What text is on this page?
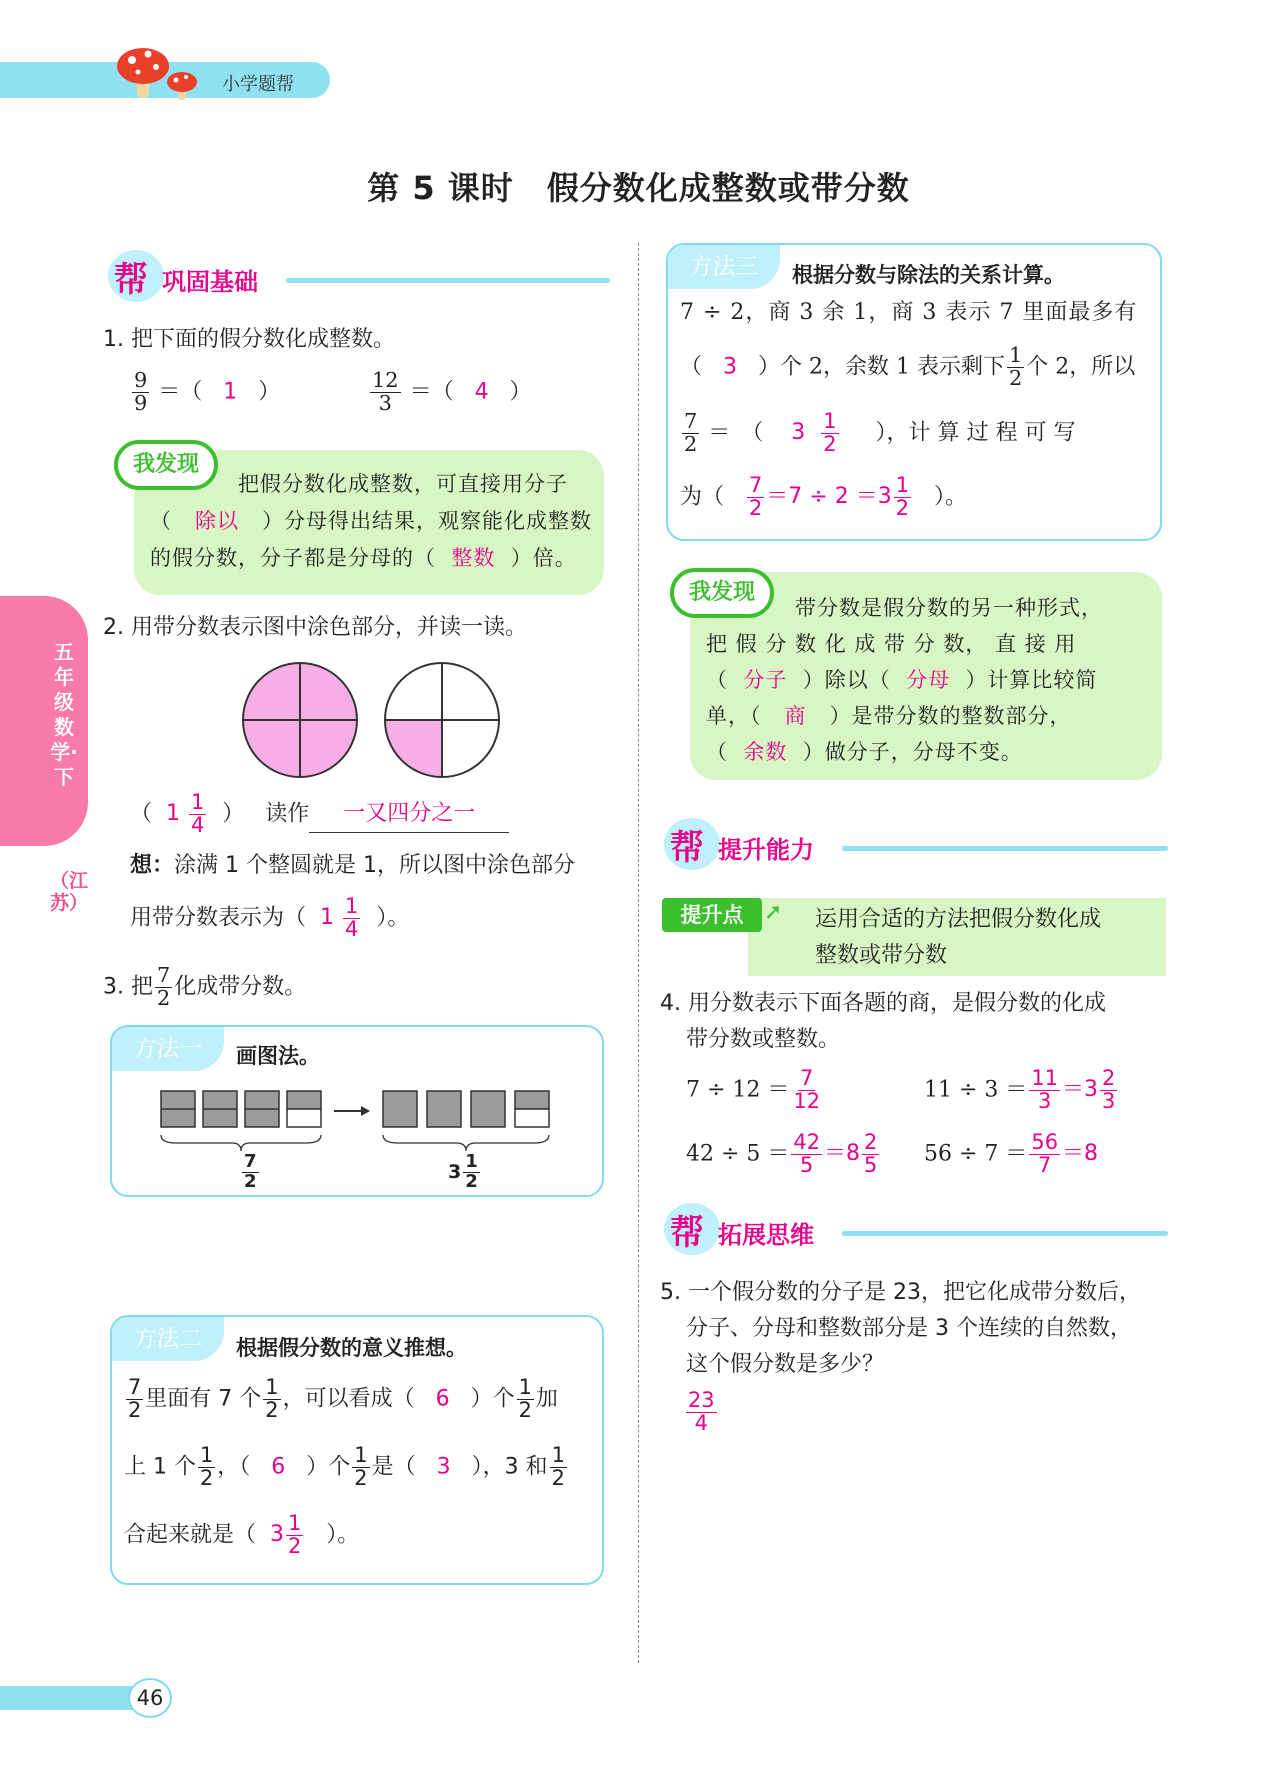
小学题帮
第 5 课时　假分数化成整数或带分数
五年级数学·下
（江苏）
帮 巩固基础
1. 把下面的假分数化成整数。
$\frac{9}{9}$ ＝（   1   ）	$\frac{12}{3}$ ＝（   4   ）
我发现
把假分数化成整数，可直接用分子
（ 除以 ）分母得出结果，观察能化成整数
的假分数，分子都是分母的（ 整数 ）倍。
2. 用带分数表示图中涂色部分，并读一读。
（  $1 \frac{1}{4}$ ）   读作 一又四分之一
想：涂满 1 个整圆就是 1，所以图中涂色部分
用带分数表示为（ $1 \frac{1}{4}$ ）。
3. 把 $\frac{7}{2}$ 化成带分数。
方法一	画图法。
$\frac{7}{2}$	$3 \frac{1}{2}$
方法二	根据假分数的意义推想。
$\frac{7}{2}$ 里面有 7 个 $\frac{1}{2}$ ，可以看成（ 6 ）个 $\frac{1}{2}$ 加
上 1 个 $\frac{1}{2}$ ，（ 6 ）个 $\frac{1}{2}$ 是（ 3 ），3 和 $\frac{1}{2}$
合起来就是（ $3 \frac{1}{2}$ ）。
方法三	根据分数与除法的关系计算。
7 ÷ 2，商 3 余 1，商 3 表示 7 里面最多有
（ 3 ）个 2，余数 1 表示剩下 $\frac{1}{2}$ 个 2，所以
$\frac{7}{2}$ ＝　（ $3 \frac{1}{2}$ ），计 算 过 程 可 写
为（ $\frac{7}{2} =7 \div 2 =3 \frac{1}{2}$ ）。
我发现
带分数是假分数的另一种形式，
把 假 分 数 化 成 带 分 数， 直 接 用
（ 分子 ）除以（ 分母 ）计算比较简
单，（ 商 ）是带分数的整数部分，
（ 余数 ）做分子，分母不变。
帮 提升能力
提升点 ➚ 运用合适的方法把假分数化成
整数或带分数
4. 用分数表示下面各题的商，是假分数的化成
带分数或整数。
$7 \div 12 = \frac{7}{12}$	$11 \div 3 = \frac{11}{3} =3 \frac{2}{3}$
$42 \div 5 = \frac{42}{5} =8 \frac{2}{5} 56 \div 7 = \frac{56}{7} =8$
帮 拓展思维
5. 一个假分数的分子是 23，把它化成带分数后，
分子、分母和整数部分是 3 个连续的自然数，
这个假分数是多少？
$\frac{23}{4}$
46
